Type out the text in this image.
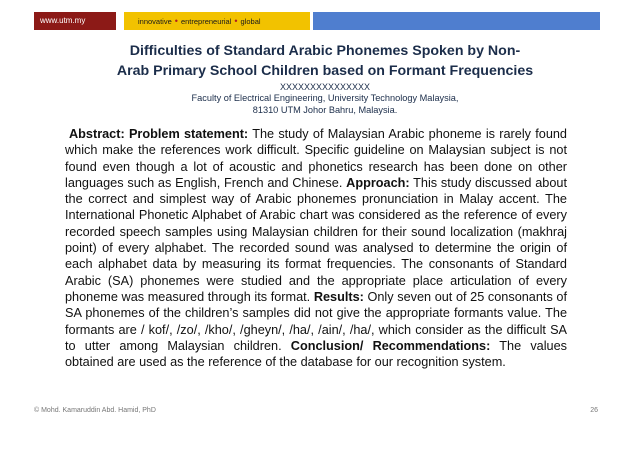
www.utm.my	innovative • entrepreneurial • global
Difficulties of Standard Arabic Phonemes Spoken by Non-
Arab Primary School Children based on Formant Frequencies
XXXXXXXXXXXXXXX
Faculty of Electrical Engineering, University Technology Malaysia,
81310 UTM Johor Bahru, Malaysia.

Abstract: Problem statement: The study of Malaysian Arabic phoneme is rarely found which make the references work difficult. Specific guideline on Malaysian subject is not found even though a lot of acoustic and phonetics research has been done on other languages such as English, French and Chinese. Approach: This study discussed about the correct and simplest way of Arabic phonemes pronunciation in Malay accent. The International Phonetic Alphabet of Arabic chart was considered as the reference of every recorded speech samples using Malaysian children for their sound localization (makhraj point) of every alphabet. The recorded sound was analysed to determine the origin of each alphabet data by measuring its format frequencies. The consonants of Standard Arabic (SA) phonemes were studied and the appropriate place articulation of every phoneme was measured through its format. Results: Only seven out of 25 consonants of SA phonemes of the children’s samples did not give the appropriate formants value. The formants are / kof/, /zo/, /kho/, /gheyn/, /ha/, /ain/, /ha/, which consider as the difficult SA to utter among Malaysian children. Conclusion/ Recommendations: The values obtained are used as the reference of the database for our recognition system.

© Mohd. Kamaruddin Abd. Hamid, PhD	26
